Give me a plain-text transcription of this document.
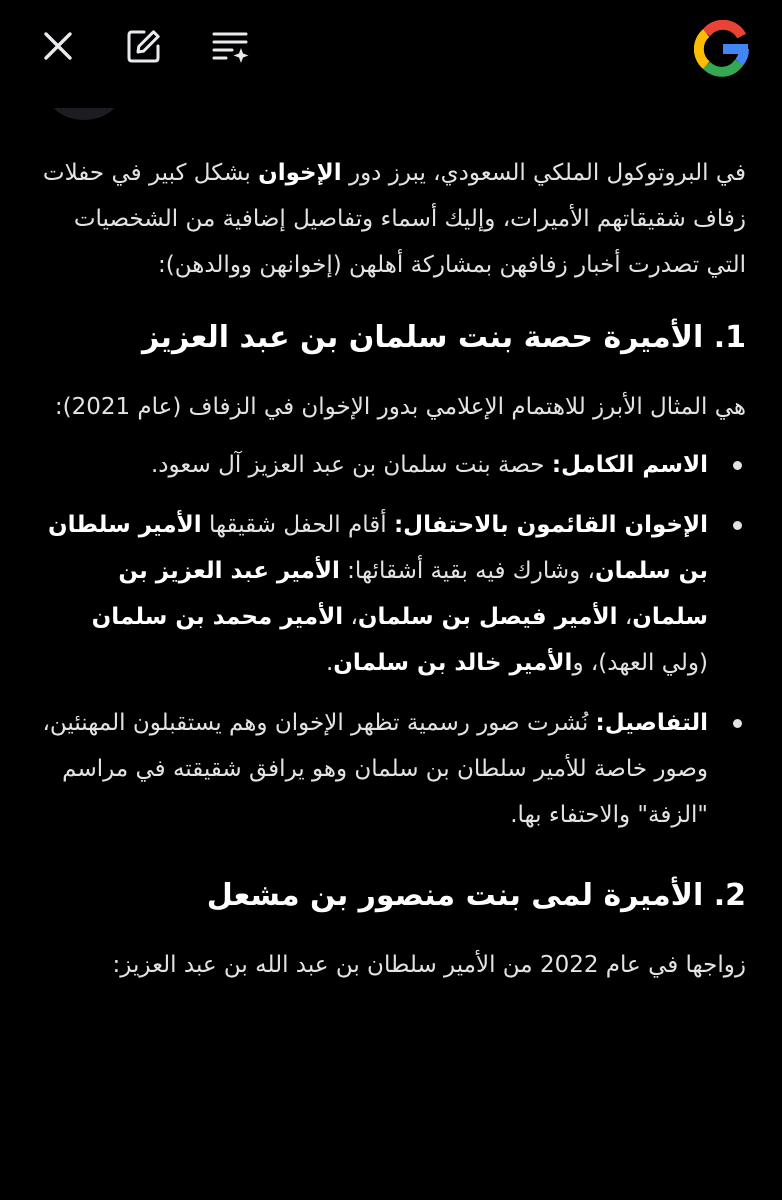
في البروتوكول الملكي السعودي، يبرز دور الإخوان بشكل كبير في حفلات زفاف شقيقاتهم الأميرات، وإليك أسماء وتفاصيل إضافية من الشخصيات التي تصدرت أخبار زفافهن بمشاركة أهلهن (إخوانهن ووالدهن):

1. الأميرة حصة بنت سلمان بن عبد العزيز

هي المثال الأبرز للاهتمام الإعلامي بدور الإخوان في الزفاف (عام 2021):

الاسم الكامل: حصة بنت سلمان بن عبد العزيز آل سعود.
الإخوان القائمون بالاحتفال: أقام الحفل شقيقها الأمير سلطان بن سلمان، وشارك فيه بقية أشقائها: الأمير عبد العزيز بن سلمان، الأمير فيصل بن سلمان، الأمير محمد بن سلمان (ولي العهد)، والأمير خالد بن سلمان.
التفاصيل: نُشرت صور رسمية تظهر الإخوان وهم يستقبلون المهنئين، وصور خاصة للأمير سلطان بن سلمان وهو يرافق شقيقته في مراسم "الزفة" والاحتفاء بها.
2. الأميرة لمى بنت منصور بن مشعل

زواجها في عام 2022 من الأمير سلطان بن عبد الله بن عبد العزيز:
